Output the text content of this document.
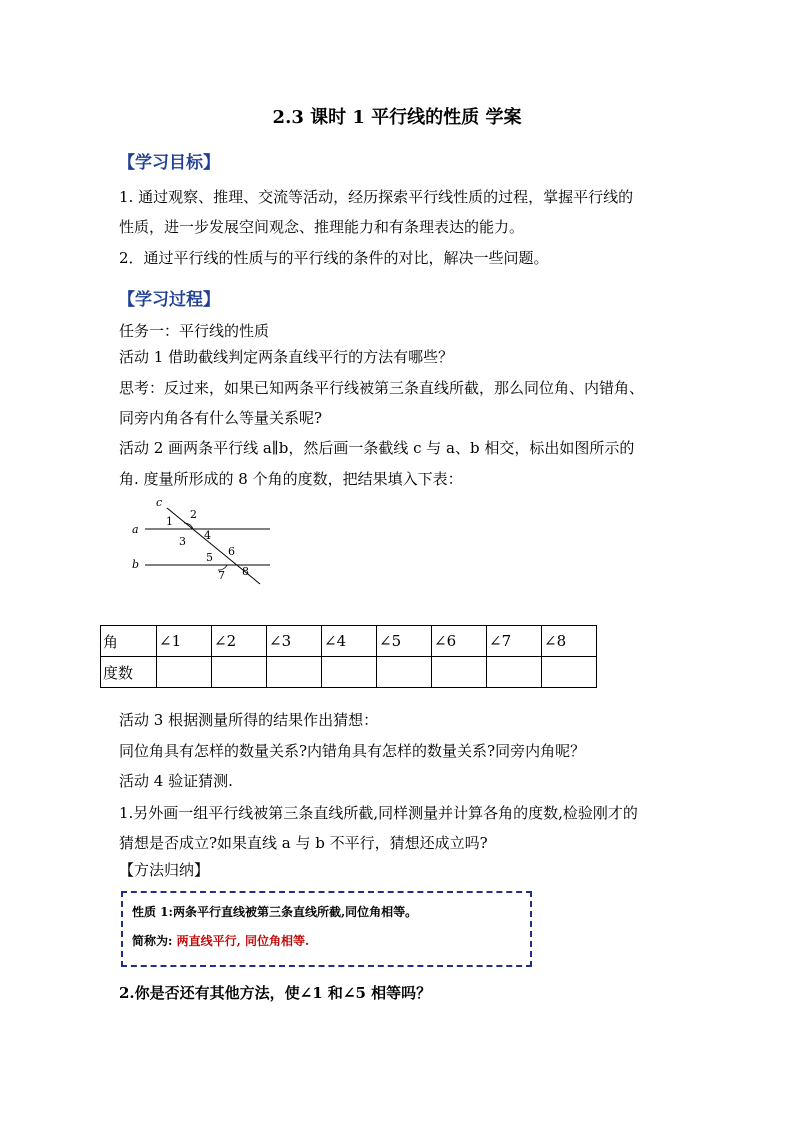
2.3 课时 1 平行线的性质 学案
【学习目标】
1. 通过观察、推理、交流等活动，经历探索平行线性质的过程，掌握平行线的
性质，进一步发展空间观念、推理能力和有条理表达的能力。
2．通过平行线的性质与的平行线的条件的对比，解决一些问题。
【学习过程】
任务一：平行线的性质
活动 1 借助截线判定两条直线平行的方法有哪些？
思考：反过来，如果已知两条平行线被第三条直线所截，那么同位角、内错角、
同旁内角各有什么等量关系呢?
活动 2 画两条平行线 a∥b，然后画一条截线 c 与 a、b 相交，标出如图所示的
角. 度量所形成的 8 个角的度数，把结果填入下表：
c
a
b
1
2
3 4
5 6
7 8
角	∠1	∠2	∠3	∠4	∠5	∠6	∠7	∠8
度数								
活动 3 根据测量所得的结果作出猜想：
同位角具有怎样的数量关系?内错角具有怎样的数量关系?同旁内角呢？
活动 4 验证猜测.
1.另外画一组平行线被第三条直线所截,同样测量并计算各角的度数,检验刚才的
猜想是否成立?如果直线 a 与 b 不平行，猜想还成立吗?
【方法归纳】
性质 1:两条平行直线被第三条直线所截,同位角相等。
简称为: 两直线平行, 同位角相等.
2.你是否还有其他方法，使∠1 和∠5 相等吗？
